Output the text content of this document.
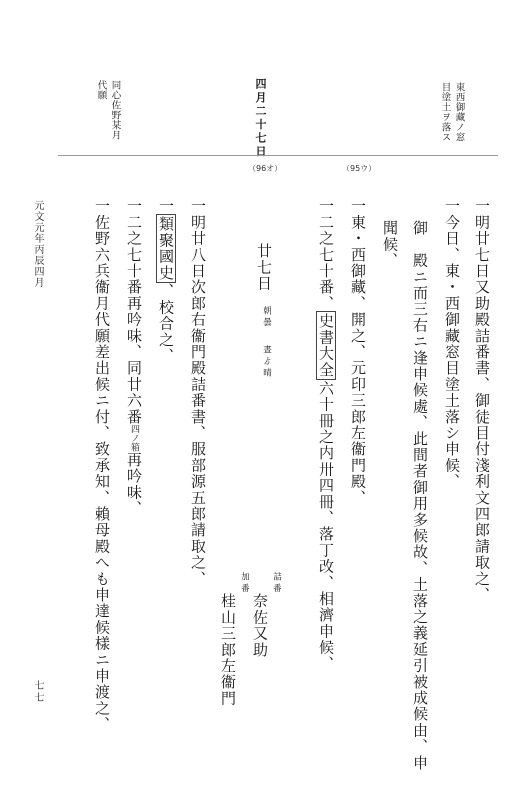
東西御藏ノ窓
目塗土ヲ落ス
四月二十七日
同心佐野某月
代願
（95ウ）
（96オ）
一明廿七日又助殿詰番書、御徒目付淺利文四郎請取之、
一今日、東・西御藏窓目塗土落シ申候、
御　殿ニ而三右ニ逢申候處、此間者御用多候故、土落之義延引被成候由、申
聞候、
一東・西御藏、開之、元印三郎左衞門殿、
一二之七十番、史書大全六十冊之内卅四冊、落丁改、相濟申候、
廿七日
朝曇
晝ゟ晴
詰番
奈佐又助
加番
桂山三郎左衞門
一明廿八日次郎右衞門殿詰番書、服部源五郎請取之、
一類聚國史、校合之、
一二之七十番再吟味、同廿六番四ノ箱再吟味、
一佐野六兵衞月代願差出候ニ付、致承知、賴母殿へも申達候樣ニ申渡之、
元文元年丙辰四月
七七
